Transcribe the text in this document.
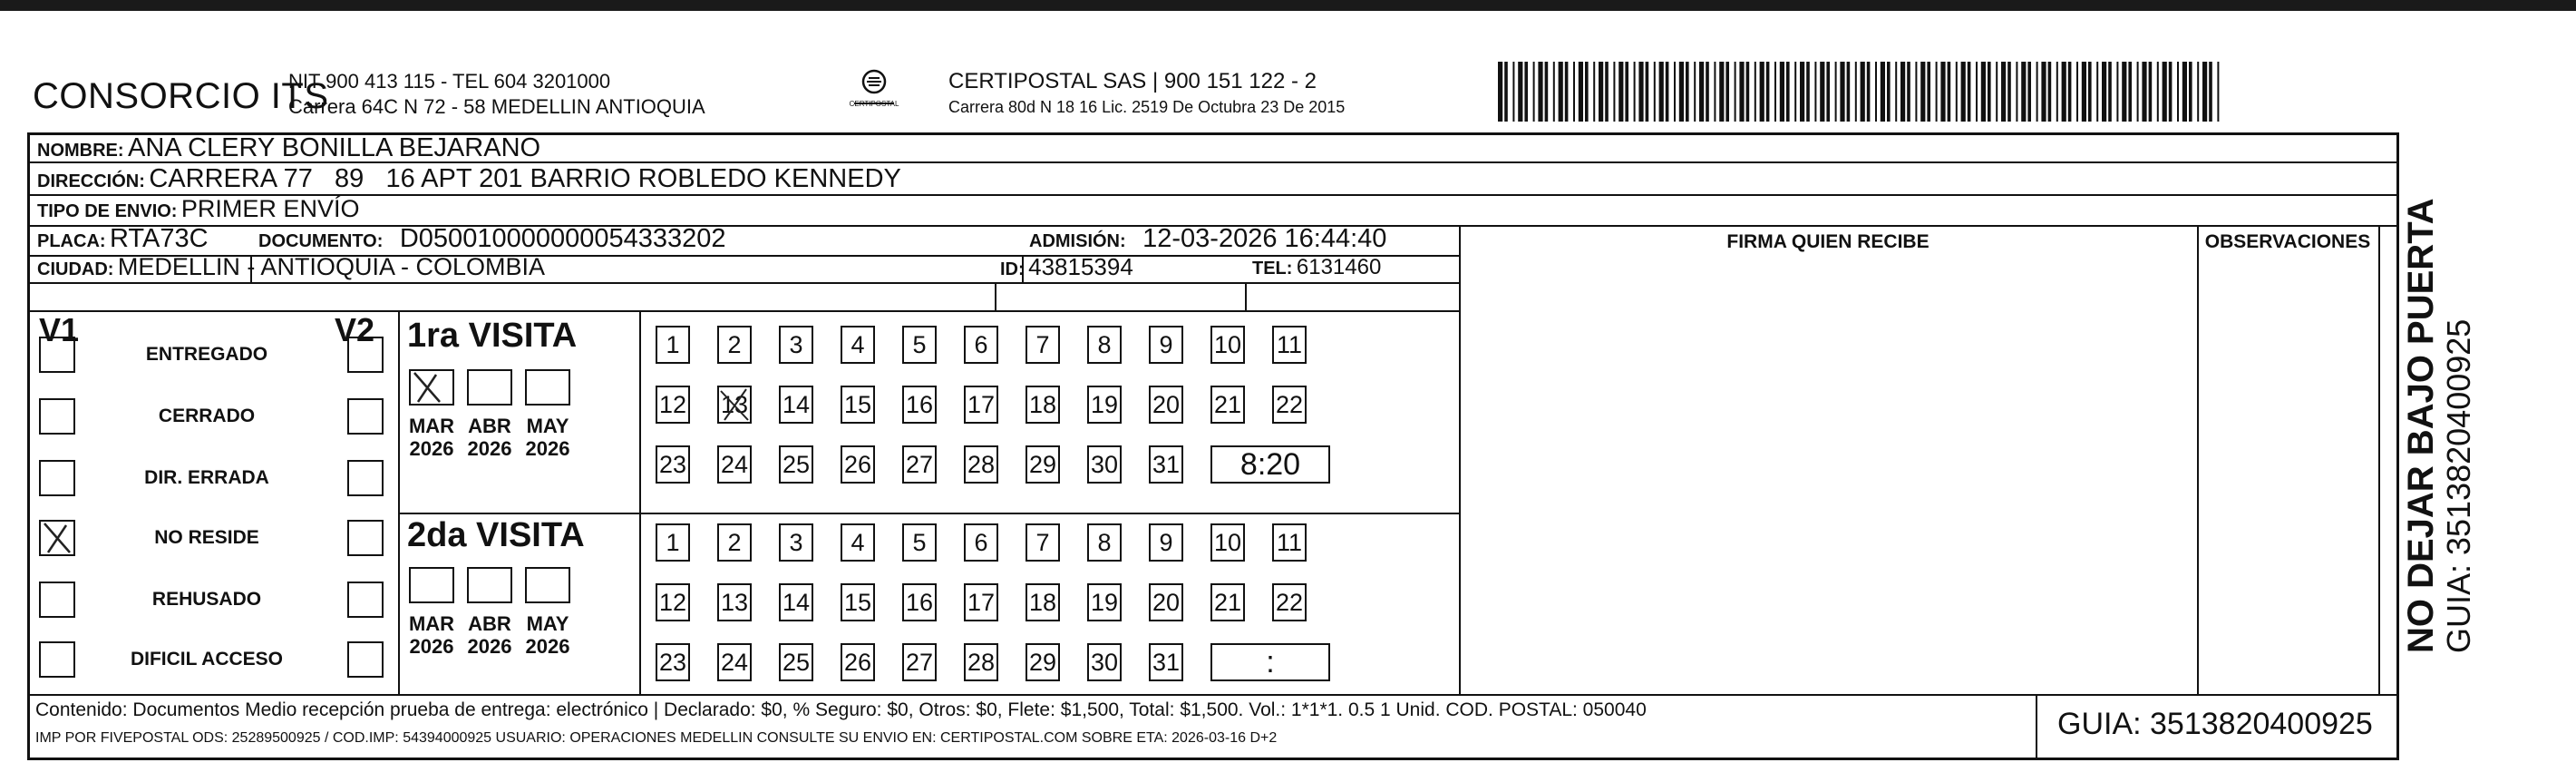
CONSORCIO ITS
NIT 900 413 115 - TEL 604 3201000
Carrera 64C N 72 - 58 MEDELLIN ANTIOQUIA	CERTIPOSTAL
CERTIPOSTAL SAS | 900 151 122 - 2
Carrera 80d N 18 16 Lic. 2519 De Octubra 23 De 2015
NOMBRE: ANA CLERY BONILLA BEJARANO
DIRECCIÓN: CARRERA 77   89   16 APT 201 BARRIO ROBLEDO KENNEDY
TIPO DE ENVIO: PRIMER ENVÍO
FIRMA QUIEN RECIBE	OBSERVACIONES
PLACA: RTA73C	DOCUMENTO: D050010000000054333202	ADMISIÓN: 12-03-2026 16:44:40
CIUDAD: MEDELLIN - ANTIOQUIA - COLOMBIA	ID: 43815394	TEL: 6131460
V1	V2
ENTREGADO
CERRADO
DIR. ERRADA
NO RESIDE
REHUSADO
DIFICIL ACCESO
1ra VISITA
2da VISITA
MAR
2026
ABR
2026
MAY
2026
1	2	3	4	5	6	7	8	9	10 11
12 13 14 15 16 17 18 19 20 21 22
23 24 25 26 27 28 29 30 31	8:20
MAR
2026
ABR
2026
MAY
2026
1	2	3	4	5	6	7	8	9	10 11
12 13 14 15 16 17 18 19 20 21 22
23 24 25 26 27 28 29 30 31	:
Contenido: Documentos Medio recepción prueba de entrega: electrónico | Declarado: $0, % Seguro: $0, Otros: $0, Flete: $1,500, Total: $1,500. Vol.: 1*1*1. 0.5 1 Unid. COD. POSTAL: 050040
IMP POR FIVEPOSTAL ODS: 25289500925 / COD.IMP: 54394000925 USUARIO: OPERACIONES MEDELLIN CONSULTE SU ENVIO EN: CERTIPOSTAL.COM SOBRE ETA: 2026-03-16 D+2	GUIA: 3513820400925
NO DEJAR BAJO PUERTA GUIA: 3513820400925
